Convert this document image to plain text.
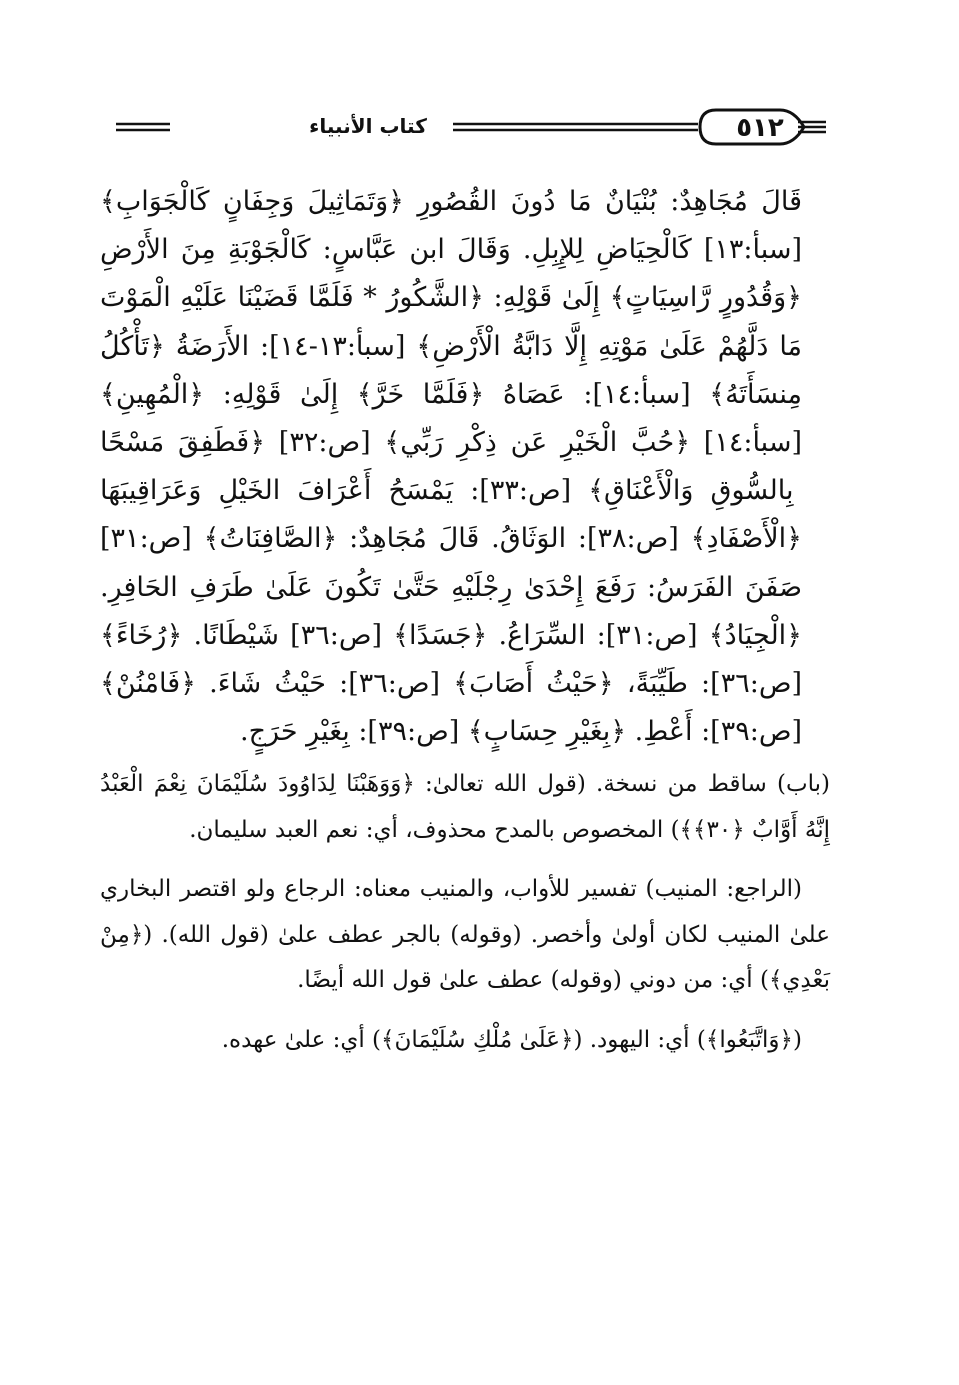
٥١٢
كتاب الأنبياء

قَالَ مُجَاهِدٌ: بُنْيَانٌ مَا دُونَ القُصُورِ ﴿وَتَمَاثِيلَ وَجِفَانٍ كَالْجَوَابِ﴾ [سبأ:١٣] كَالْحِيَاضِ لِلإِبِلِ. وَقَالَ ابن عَبَّاسٍ: كَالْجَوْبَةِ مِنَ الأَرْضِ ﴿وَقُدُورٍ رَّاسِيَاتٍ﴾ إِلَىٰ قَوْلِهِ: ﴿الشَّكُورُ * فَلَمَّا قَضَيْنَا عَلَيْهِ الْمَوْتَ مَا دَلَّهُمْ عَلَىٰ مَوْتِهِ إِلَّا دَابَّةُ الْأَرْضِ﴾ [سبأ:١٣-١٤]: الأَرَضَةُ ﴿تَأْكُلُ مِنسَأَتَهُ﴾ [سبأ:١٤]: عَصَاهُ ﴿فَلَمَّا خَرَّ﴾ إِلَىٰ قَوْلِهِ: ﴿الْمُهِينِ﴾ [سبأ:١٤] ﴿حُبَّ الْخَيْرِ عَن ذِكْرِ رَبِّي﴾ [ص:٣٢] ﴿فَطَفِقَ مَسْحًا بِالسُّوقِ وَالْأَعْنَاقِ﴾ [ص:٣٣]: يَمْسَحُ أَعْرَافَ الخَيْلِ وَعَرَاقِيبَهَا ﴿الْأَصْفَادِ﴾ [ص:٣٨]: الوَثَاقُ. قَالَ مُجَاهِدٌ: ﴿الصَّافِنَاتُ﴾ [ص:٣١] صَفَنَ الفَرَسُ: رَفَعَ إِحْدَىٰ رِجْلَيْهِ حَتَّىٰ تَكُونَ عَلَىٰ طَرَفِ الحَافِرِ. ﴿الْجِيَادُ﴾ [ص:٣١]: السِّرَاعُ. ﴿جَسَدًا﴾ [ص:٣٦] شَيْطَانًا. ﴿رُخَاءً﴾ [ص:٣٦]: طَيِّبَةً، ﴿حَيْثُ أَصَابَ﴾ [ص:٣٦]: حَيْثُ شَاءَ. ﴿فَامْنُنْ﴾ [ص:٣٩]: أَعْطِ. ﴿بِغَيْرِ حِسَابٍ﴾ [ص:٣٩]: بِغَيْرِ حَرَجٍ.

(باب) ساقط من نسخة. (قول الله تعالىٰ: ﴿وَوَهَبْنَا لِدَاوُودَ سُلَيْمَانَ نِعْمَ الْعَبْدُ إِنَّهُ أَوَّابٌ ﴿٣٠﴾﴾) المخصوص بالمدح محذوف، أي: نعم العبد سليمان.

(الراجع: المنيب) تفسير للأواب، والمنيب معناه: الرجاع ولو اقتصر البخاري علىٰ المنيب لكان أولىٰ وأخصر. (وقوله) بالجر عطف علىٰ (قول الله). (﴿مِنْ بَعْدِي﴾) أي: من دوني (وقوله) عطف علىٰ قول الله أيضًا.

(﴿وَاتَّبَعُوا﴾) أي: اليهود. (﴿عَلَىٰ مُلْكِ سُلَيْمَانَ﴾) أي: علىٰ عهده.
